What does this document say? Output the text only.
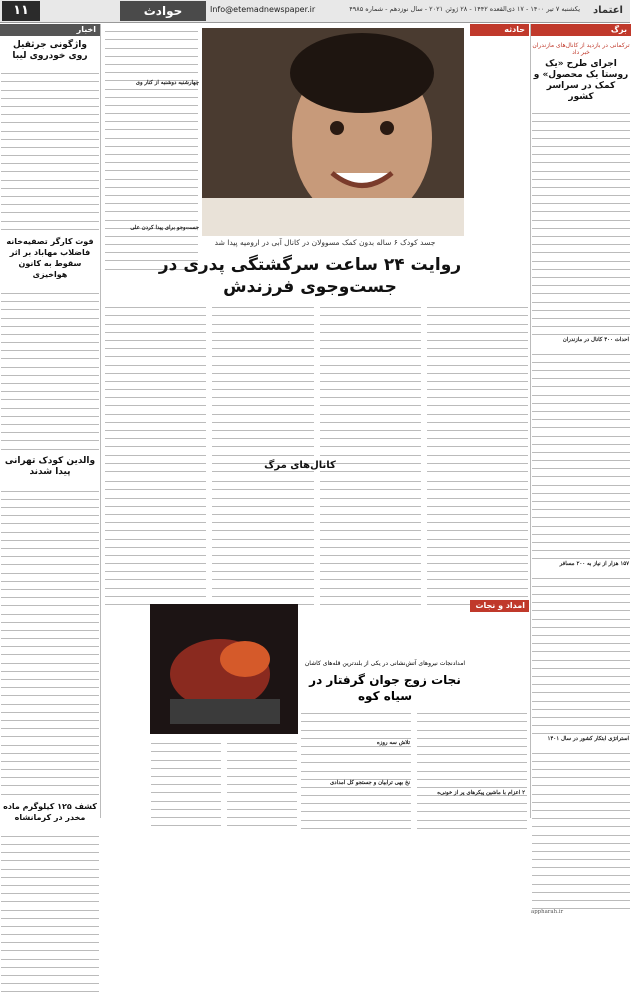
۱۱	حوادث	Info@etemadnewspaper.ir	یکشنبه ۷ تیر ۱۴۰۰ - ۱۷ ذی‌القعده ۱۴۴۲ - ۲۸ ژوئن ۲۰۲۱ - سال نوزدهم - شماره ۴۹۸۵	اعتماد
برگ
ترکمانی در بازدید از کانال‌های مازندران خبر داد
اجرای طرح «یک روستا یک محصول» و کمک در سراسر کشور
احداث ۴۰۰ کانال در مازندران
۱۵۷ هزار از نیاز به ۲۰۰ مسافر
استراتژی ابتکار کشور در سال ۱۴۰۱
appharah.ir
اخبار
واژگونی جرثقیل روی خودروی لیبا
فوت کارگر تصفیه‌خانه فاضلاب مهاباد بر اثر سقوط به کانون هواخیزی
والدین کودک تهرانی پیدا شدند
کشف ۱۲۵ کیلوگرم ماده مخدر در کرمانشاه
حادثه
چهارشنبه دوشنبه از کنار وی
جست‌وجو برای پیدا کردن علی
جسد کودک ۶ ساله بدون کمک مسوولان در کانال آبی در ارومیه پیدا شد
روایت ۲۴ ساعت سرگشتگی پدری در جست‌وجوی فرزندش
کانال‌های مرگ
امداد و نجات
امدادنجات نیروهای آتش‌نشانی در یکی از بلندترین قله‌های کاشان
نجات زوج جوان گرفتار در سیاه کوه
تلاش سه روزه
نخ بهی ترابیان و جستجو کل امدادی
۲ اعزام با ماشین پیکرهای پر از خونی‌ه
